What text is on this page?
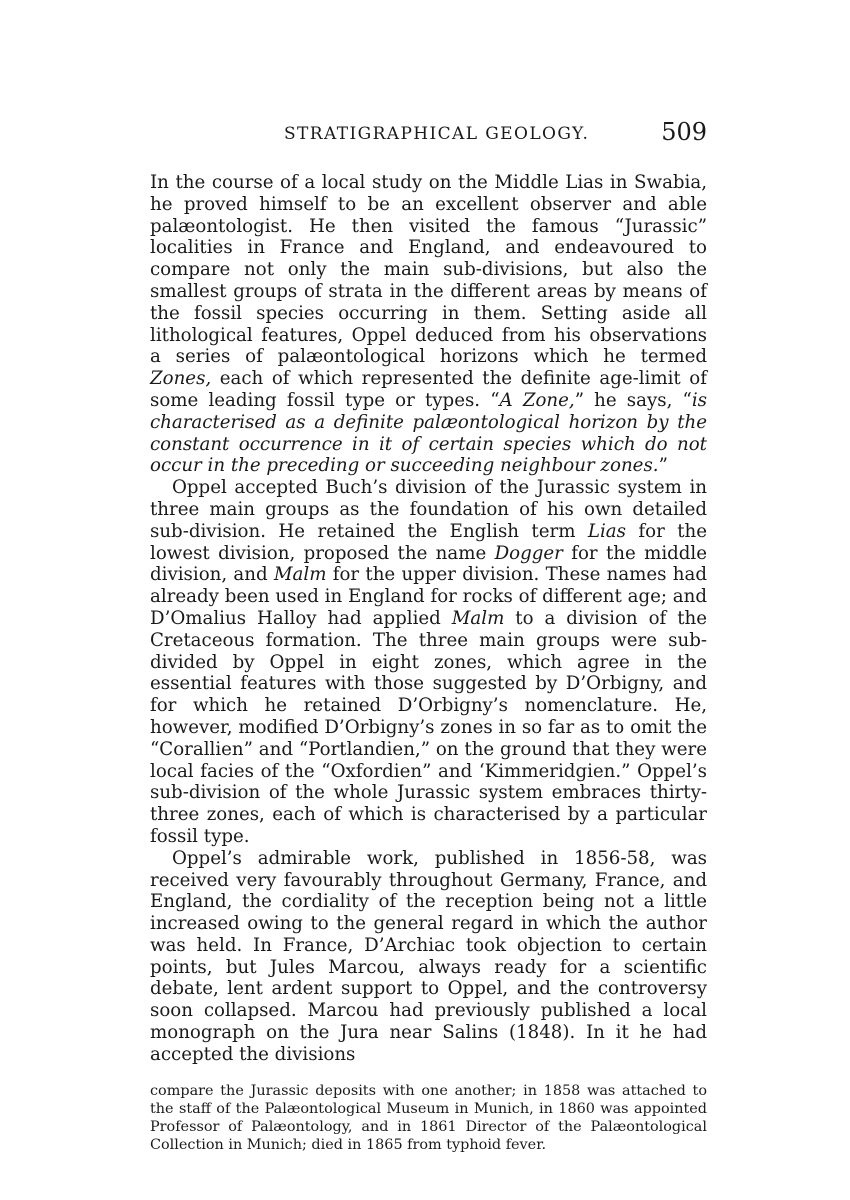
STRATIGRAPHICAL GEOLOGY.	509

In the course of a local study on the Middle Lias in Swabia, he proved himself to be an excellent observer and able palæontologist. He then visited the famous “Jurassic” localities in France and England, and endeavoured to compare not only the main sub-divisions, but also the smallest groups of strata in the different areas by means of the fossil species occurring in them. Setting aside all lithological features, Oppel deduced from his observations a series of palæontological horizons which he termed Zones, each of which represented the definite age-limit of some leading fossil type or types. “A Zone,” he says, “is characterised as a definite palæontological horizon by the constant occurrence in it of certain species which do not occur in the preceding or succeeding neighbour zones.”

Oppel accepted Buch’s division of the Jurassic system in three main groups as the foundation of his own detailed sub-division. He retained the English term Lias for the lowest division, proposed the name Dogger for the middle division, and Malm for the upper division. These names had already been used in England for rocks of different age; and D’Omalius Halloy had applied Malm to a division of the Cretaceous formation. The three main groups were sub-divided by Oppel in eight zones, which agree in the essential features with those suggested by D’Orbigny, and for which he retained D’Orbigny’s nomenclature. He, however, modified D’Orbigny’s zones in so far as to omit the “Corallien” and “Portlandien,” on the ground that they were local facies of the “Oxfordien” and ‘Kimmeridgien.” Oppel’s sub-division of the whole Jurassic system embraces thirty-three zones, each of which is characterised by a particular fossil type.

Oppel’s admirable work, published in 1856-58, was received very favourably throughout Germany, France, and England, the cordiality of the reception being not a little increased owing to the general regard in which the author was held. In France, D’Archiac took objection to certain points, but Jules Marcou, always ready for a scientific debate, lent ardent support to Oppel, and the controversy soon collapsed. Marcou had previously published a local monograph on the Jura near Salins (1848). In it he had accepted the divisions

compare the Jurassic deposits with one another; in 1858 was attached to the staff of the Palæontological Museum in Munich, in 1860 was appointed Professor of Palæontology, and in 1861 Director of the Palæontological Collection in Munich; died in 1865 from typhoid fever.
